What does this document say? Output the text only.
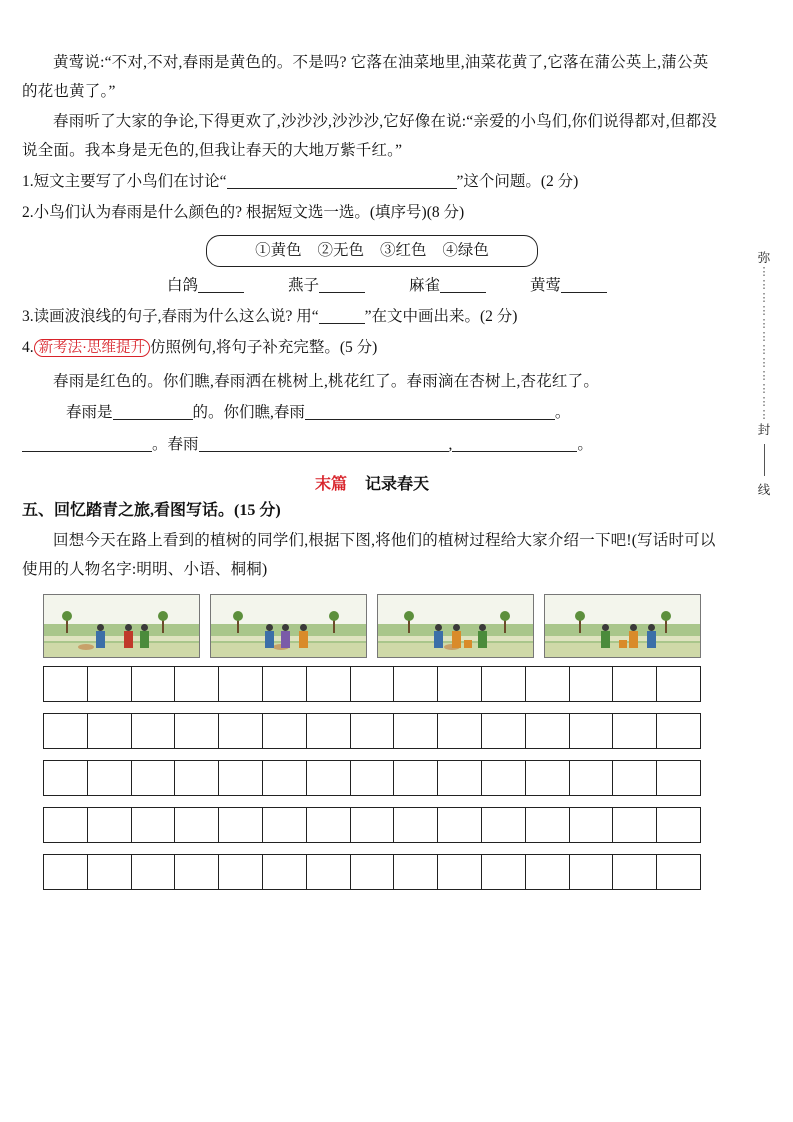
黄莺说:“不对,不对,春雨是黄色的。不是吗? 它落在油菜地里,油菜花黄了,它落在蒲公英上,蒲公英的花也黄了。”

春雨听了大家的争论,下得更欢了,沙沙沙,沙沙沙,它好像在说:“亲爱的小鸟们,你们说得都对,但都没说全面。我本身是无色的,但我让春天的大地万紫千红。”

1.短文主要写了小鸟们在讨论“	”这个问题。(2 分)
2.小鸟们认为春雨是什么颜色的? 根据短文选一选。(填序号)(8 分)
①黄色 ②无色 ③红色 ④绿色
白鸽	燕子	麻雀	黄莺
3.读画波浪线的句子,春雨为什么这么说? 用“	”在文中画出来。(2 分)
4. 新考法·思维提升 仿照例句,将句子补充完整。(5 分)

春雨是红色的。你们瞧,春雨洒在桃树上,桃花红了。春雨滴在杏树上,杏花红了。

春雨是	的。你们瞧,春雨	。
。春雨	,	。
末篇 记录春天
五、回忆踏青之旅,看图写话。(15 分)

回想今天在路上看到的植树的同学们,根据下图,将他们的植树过程给大家介绍一下吧!(写话时可以使用的人物名字:明明、小语、桐桐)

弥
⋮
⋮
⋮
⋮
⋮
⋮
⋮
⋮
⋮
⋮
⋮
⋮
封
线
